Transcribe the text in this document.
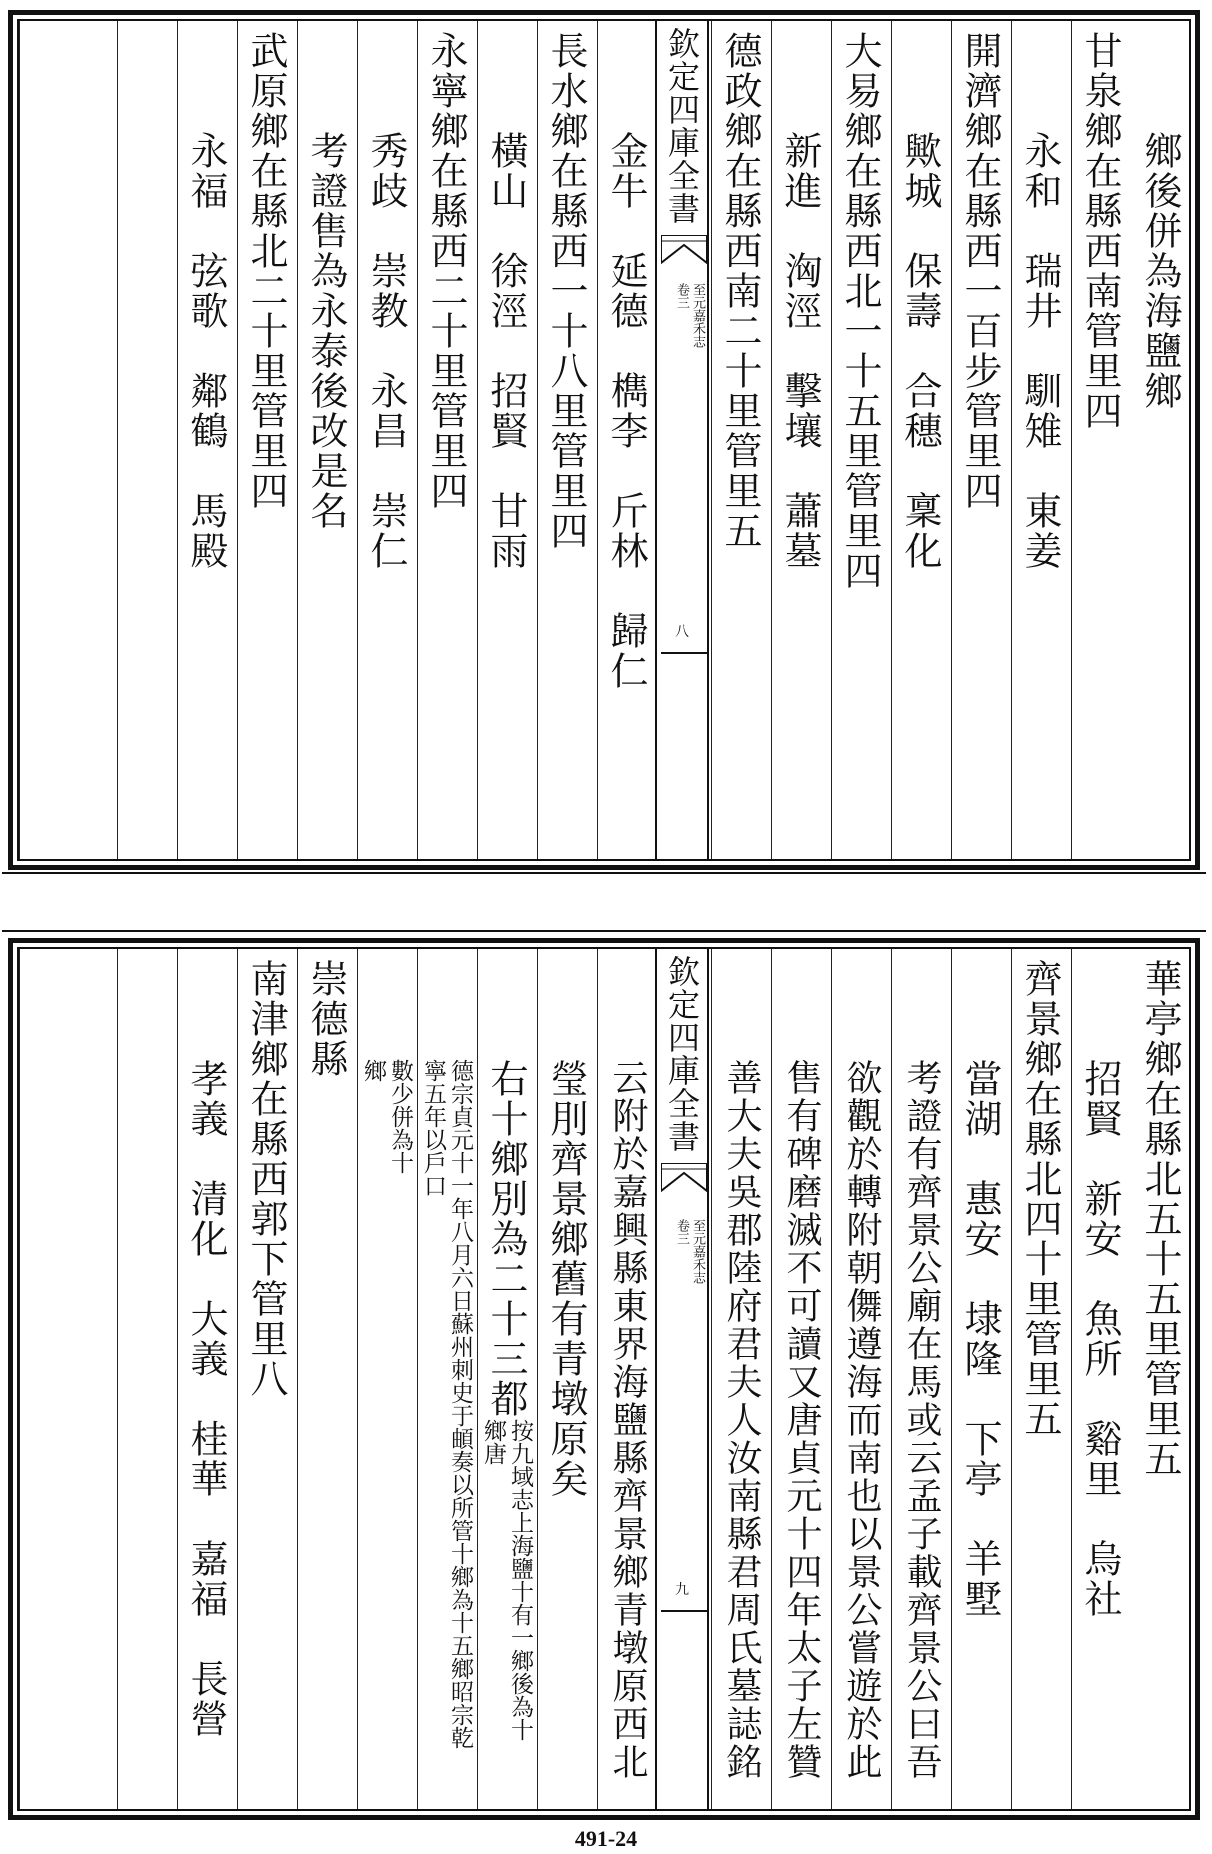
鄉後併為海鹽鄉
甘泉鄉在縣西南管里四
永和　瑞井　馴雉　東姜
開濟鄉在縣西一百步管里四
歟城　保壽　合穗　稟化
大易鄉在縣西北一十五里管里四
新進　洶涇　擊壤　蕭墓
德政鄉在縣西南二十里管里五
欽定四庫全書
至元嘉禾志　卷三
八
金牛　延德　檇李　斤林　歸仁
長水鄉在縣西一十八里管里四
橫山　徐涇　招賢　甘雨
永寧鄉在縣西二十里管里四
秀歧　崇教　永昌　崇仁
考證售為永泰後改是名
武原鄉在縣北二十里管里四
永福　弦歌　鄰鶴　馬殿
華亭鄉在縣北五十五里管里五
招賢　新安　魚所　谿里　烏社
齊景鄉在縣北四十里管里五
當湖　惠安　埭隆　下亭　羊墅
考證有齊景公廟在馬或云孟子載齊景公曰吾
欲觀於轉附朝儛遵海而南也以景公嘗遊於此
售有碑磨滅不可讀又唐貞元十四年太子左贊
善大夫吳郡陸府君夫人汝南縣君周氏墓誌銘
欽定四庫全書
至元嘉禾志　卷三
九
云附於嘉興縣東界海鹽縣齊景鄉青墩原西北
瑩刖齊景鄉舊有青墩原矣
右十鄉別為二十三都
按九域志上海鹽十有一鄉後為十鄉唐
德宗貞元十一年八月六日蘇州刺史于頔奏以所管十鄉為十五鄉昭宗乾寧五年以戶口
數少併為十鄉
崇德縣
南津鄉在縣西郭下管里八
孝義　清化　大義　桂華　嘉福　長營
491-24
